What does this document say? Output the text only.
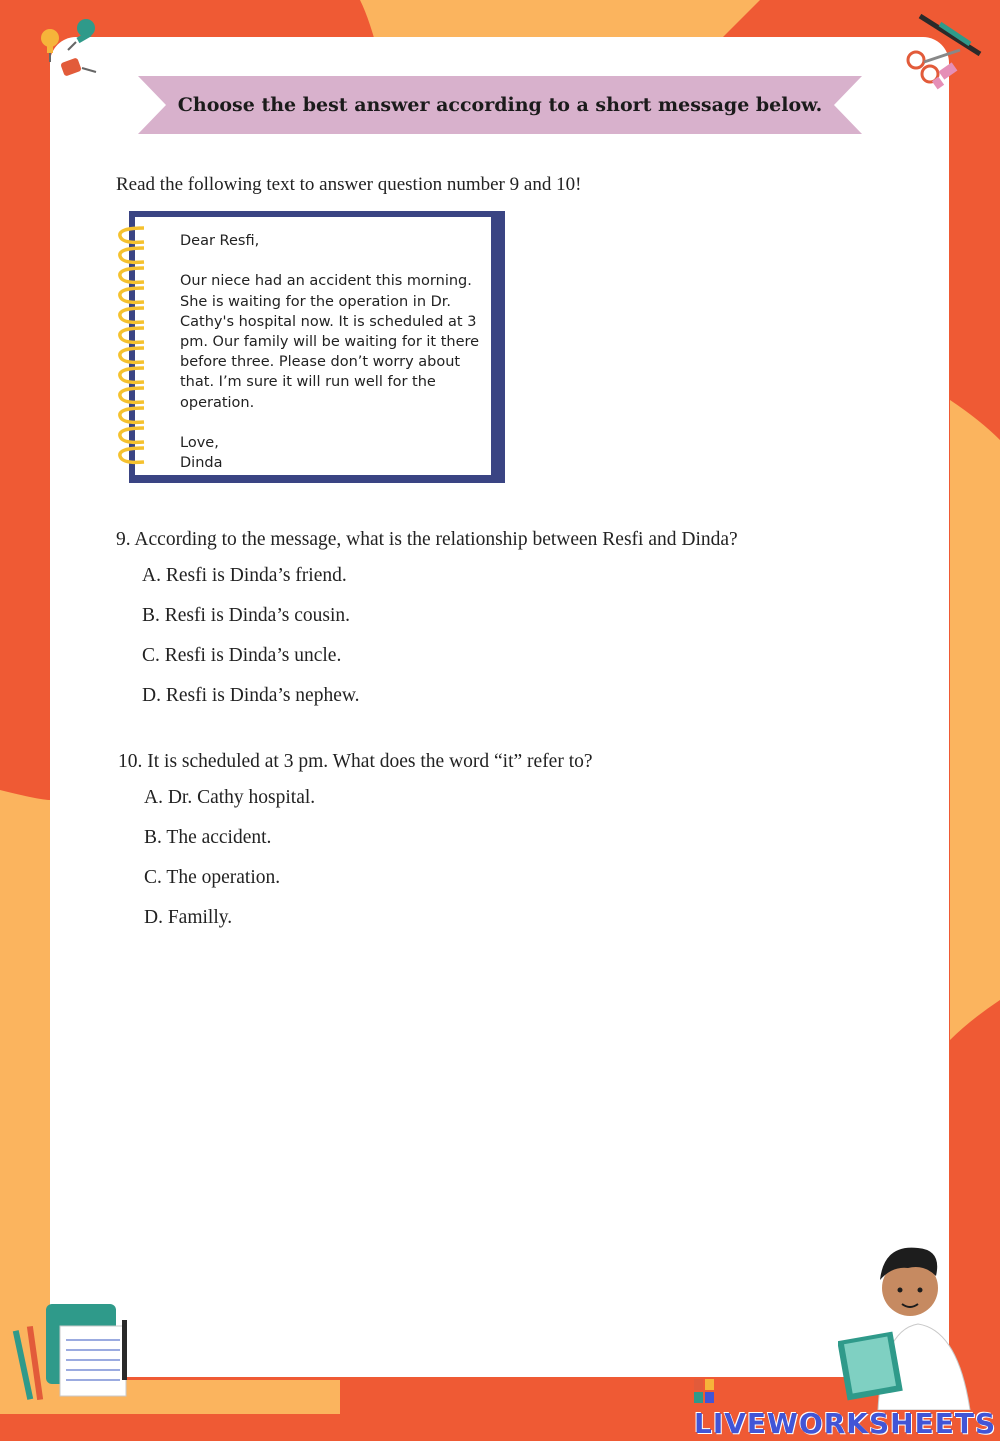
Choose the best answer according to a short message below.
Read the following text to answer question number 9 and 10!
Dear Resfi,

Our niece had an accident this morning.
She is waiting for the operation in Dr.
Cathy's hospital now. It is scheduled at 3
pm. Our family will be waiting for it there
before three. Please don’t worry about
that. I’m sure it will run well for the
operation.

Love,
Dinda
9. According to the message, what is the relationship between Resfi and Dinda?
A. Resfi is Dinda’s friend.
B. Resfi is Dinda’s cousin.
C. Resfi is Dinda’s uncle.
D. Resfi is Dinda’s nephew.
10. It is scheduled at 3 pm. What does the word “it” refer to?
A. Dr. Cathy hospital.
B. The accident.
C. The operation.
D. Familly.
LIVEWORKSHEETS
